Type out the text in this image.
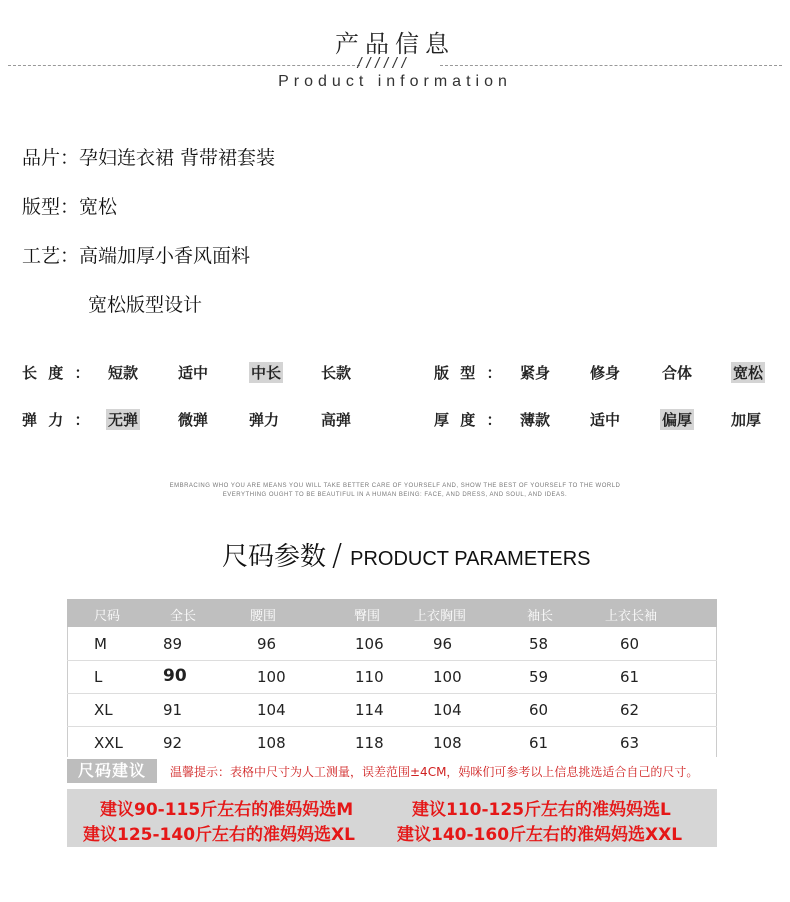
产品信息
//////
Product information
品片：孕妇连衣裙 背带裙套装
版型：宽松
工艺：高端加厚小香风面料
宽松版型设计
长 度 ： 短款	适中	中长	长款	版 型 ： 紧身	修身	合体	宽松
弹 力 ： 无弹	微弹	弹力	高弹	厚 度 ： 薄款	适中	偏厚	加厚
EMBRACING WHO YOU ARE MEANS YOU WILL TAKE BETTER CARE OF YOURSELF AND, SHOW THE BEST OF YOURSELF TO THE WORLD
EVERYTHING OUGHT TO BE BEAUTIFUL IN A HUMAN BEING: FACE, AND DRESS, AND SOUL, AND IDEAS.
尺码参数 / PRODUCT PARAMETERS
尺码	全长	腰围	臀围	上衣胸围	袖长	上衣长袖
M	89	96	106	96	58	60
L	90	100	110	100	59	61
XL	91	104	114	104	60	62
XXL	92	108	118	108	61	63
尺码建议	温馨提示：表格中尺寸为人工测量，误差范围±4CM，妈咪们可参考以上信息挑选适合自己的尺寸。
建议90-115斤左右的准妈妈选M	建议110-125斤左右的准妈妈选L
建议125-140斤左右的准妈妈选XL 建议140-160斤左右的准妈妈选XXL
